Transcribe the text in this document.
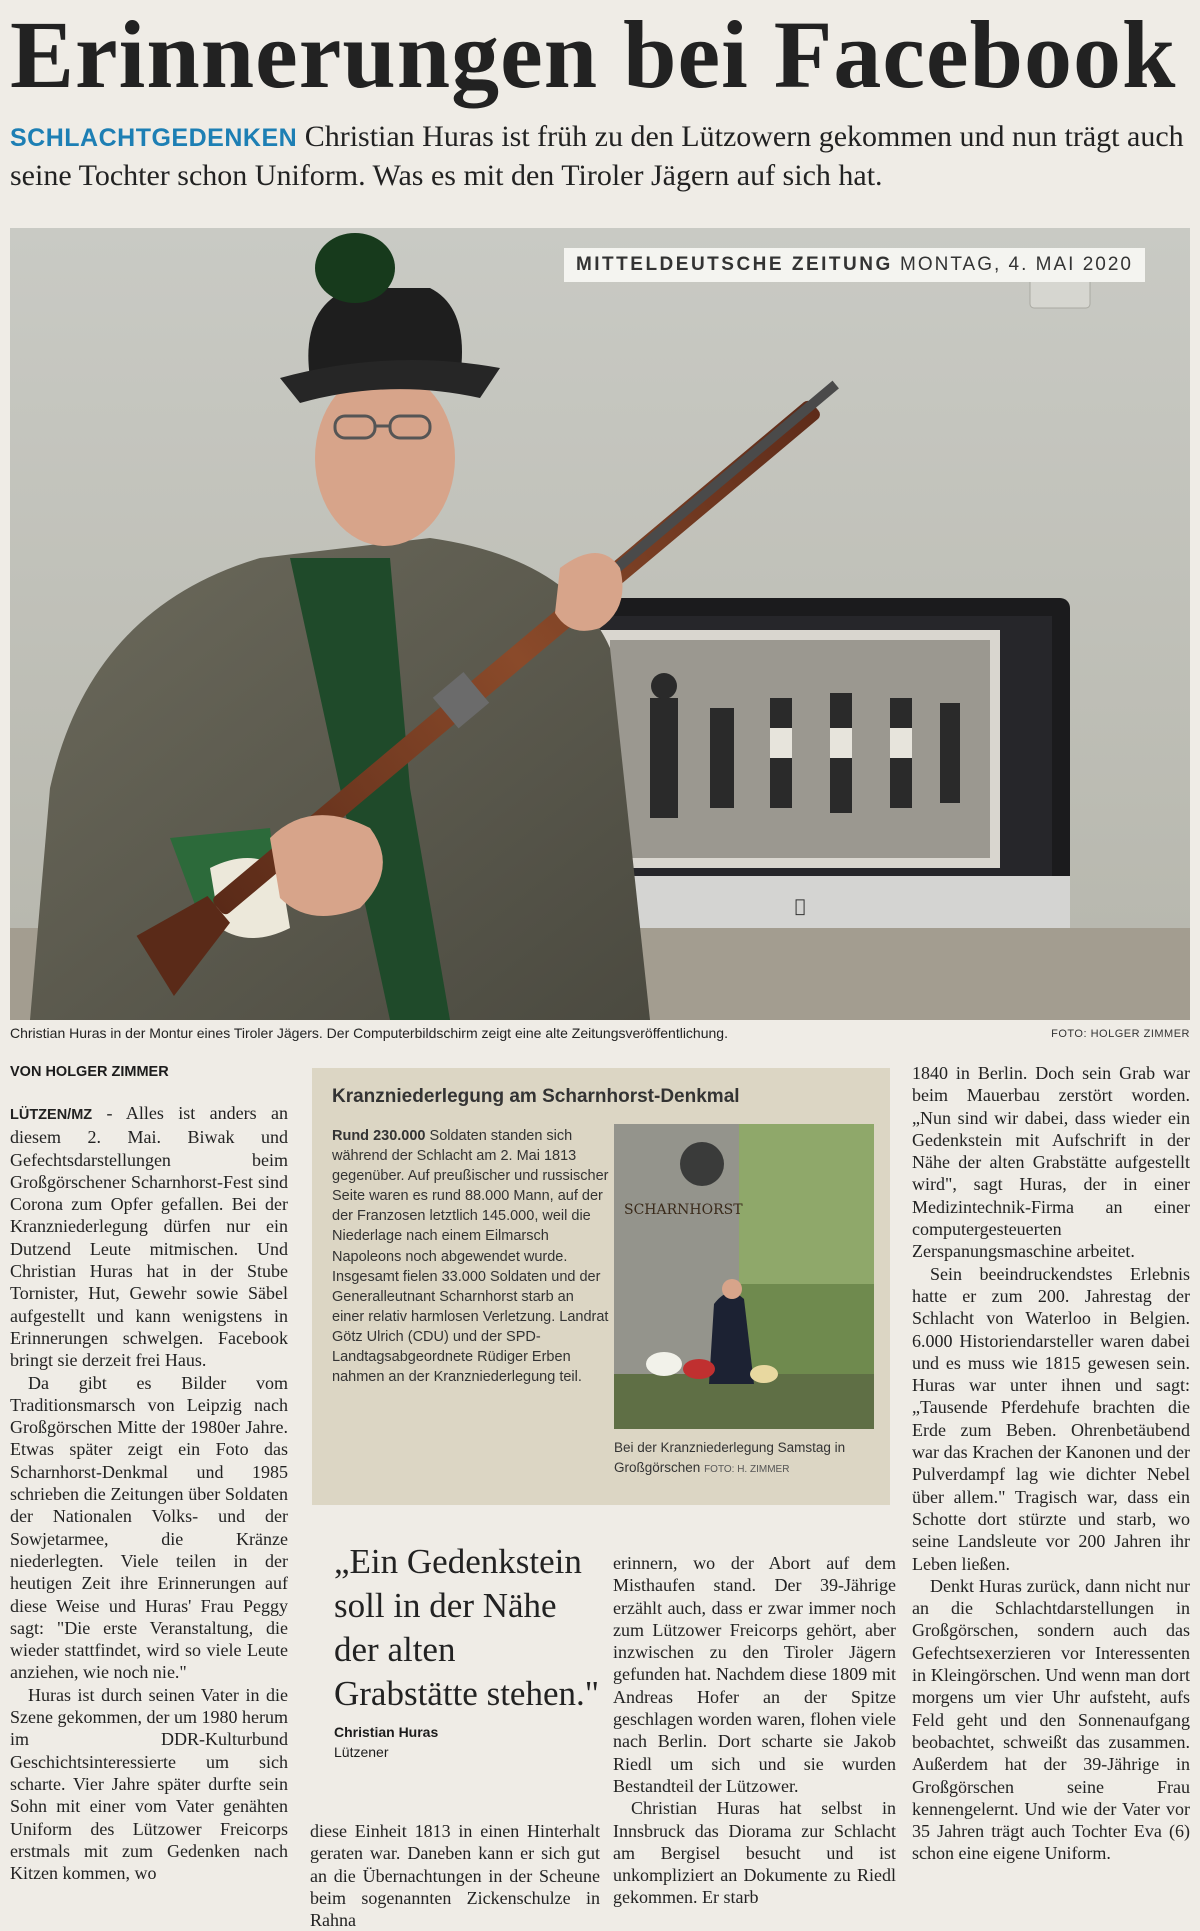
Erinnerungen bei Facebook
SCHLACHTGEDENKEN Christian Huras ist früh zu den Lützowern gekommen und nun trägt auch seine Tochter schon Uniform. Was es mit den Tiroler Jägern auf sich hat.
MITTELDEUTSCHE ZEITUNG MONTAG, 4. MAI 2020
Christian Huras in der Montur eines Tiroler Jägers. Der Computerbildschirm zeigt eine alte Zeitungsveröffentlichung.	FOTO: HOLGER ZIMMER
VON HOLGER ZIMMER

LÜTZEN/MZ - Alles ist anders an diesem 2. Mai. Biwak und Gefechtsdarstellungen beim Großgörschener Scharnhorst-Fest sind Corona zum Opfer gefallen. Bei der Kranzniederlegung dürfen nur ein Dutzend Leute mitmischen. Und Christian Huras hat in der Stube Tornister, Hut, Gewehr sowie Säbel aufgestellt und kann wenigstens in Erinnerungen schwelgen. Facebook bringt sie derzeit frei Haus.

Da gibt es Bilder vom Traditionsmarsch von Leipzig nach Großgörschen Mitte der 1980er Jahre. Etwas später zeigt ein Foto das Scharnhorst-Denkmal und 1985 schrieben die Zeitungen über Soldaten der Nationalen Volks- und der Sowjetarmee, die Kränze niederlegten. Viele teilen in der heutigen Zeit ihre Erinnerungen auf diese Weise und Huras' Frau Peggy sagt: "Die erste Veranstaltung, die wieder stattfindet, wird so viele Leute anziehen, wie noch nie."

Huras ist durch seinen Vater in die Szene gekommen, der um 1980 herum im DDR-Kulturbund Geschichtsinteressierte um sich scharte. Vier Jahre später durfte sein Sohn mit einer vom Vater genähten Uniform des Lützower Freicorps erstmals mit zum Gedenken nach Kitzen kommen, wo

Kranzniederlegung am Scharnhorst-Denkmal
Rund 230.000 Soldaten standen sich während der Schlacht am 2. Mai 1813 gegenüber. Auf preußischer und russischer Seite waren es rund 88.000 Mann, auf der der Franzosen letztlich 145.000, weil die Niederlage nach einem Eilmarsch Napoleons noch abgewendet wurde. Insgesamt fielen 33.000 Soldaten und der Generalleutnant Scharnhorst starb an einer relativ harmlosen Verletzung. Landrat Götz Ulrich (CDU) und der SPD-Landtagsabgeordnete Rüdiger Erben nahmen an der Kranzniederlegung teil.
SCHARNHORST
Bei der Kranzniederlegung Samstag in Großgörschen FOTO: H. ZIMMER
„Ein Gedenkstein soll in der Nähe der alten Grabstätte stehen."
Christian Huras
Lützener

diese Einheit 1813 in einen Hinterhalt geraten war. Daneben kann er sich gut an die Übernachtungen in der Scheune beim sogenannten Zickenschulze in Rahna

erinnern, wo der Abort auf dem Misthaufen stand. Der 39-Jährige erzählt auch, dass er zwar immer noch zum Lützower Freicorps gehört, aber inzwischen zu den Tiroler Jägern gefunden hat. Nachdem diese 1809 mit Andreas Hofer an der Spitze geschlagen worden waren, flohen viele nach Berlin. Dort scharte sie Jakob Riedl um sich und sie wurden Bestandteil der Lützower.

Christian Huras hat selbst in Innsbruck das Diorama zur Schlacht am Bergisel besucht und ist unkompliziert an Dokumente zu Riedl gekommen. Er starb

1840 in Berlin. Doch sein Grab war beim Mauerbau zerstört worden. „Nun sind wir dabei, dass wieder ein Gedenkstein mit Aufschrift in der Nähe der alten Grabstätte aufgestellt wird", sagt Huras, der in einer Medizintechnik-Firma an einer computergesteuerten Zerspanungsmaschine arbeitet.

Sein beeindruckendstes Erlebnis hatte er zum 200. Jahrestag der Schlacht von Waterloo in Belgien. 6.000 Historiendarsteller waren dabei und es muss wie 1815 gewesen sein. Huras war unter ihnen und sagt: „Tausende Pferdehufe brachten die Erde zum Beben. Ohrenbetäubend war das Krachen der Kanonen und der Pulverdampf lag wie dichter Nebel über allem." Tragisch war, dass ein Schotte dort stürzte und starb, wo seine Landsleute vor 200 Jahren ihr Leben ließen.

Denkt Huras zurück, dann nicht nur an die Schlachtdarstellungen in Großgörschen, sondern auch das Gefechtsexerzieren vor Interessenten in Kleingörschen. Und wenn man dort morgens um vier Uhr aufsteht, aufs Feld geht und den Sonnenaufgang beobachtet, schweißt das zusammen. Außerdem hat der 39-Jährige in Großgörschen seine Frau kennengelernt. Und wie der Vater vor 35 Jahren trägt auch Tochter Eva (6) schon eine eigene Uniform.
